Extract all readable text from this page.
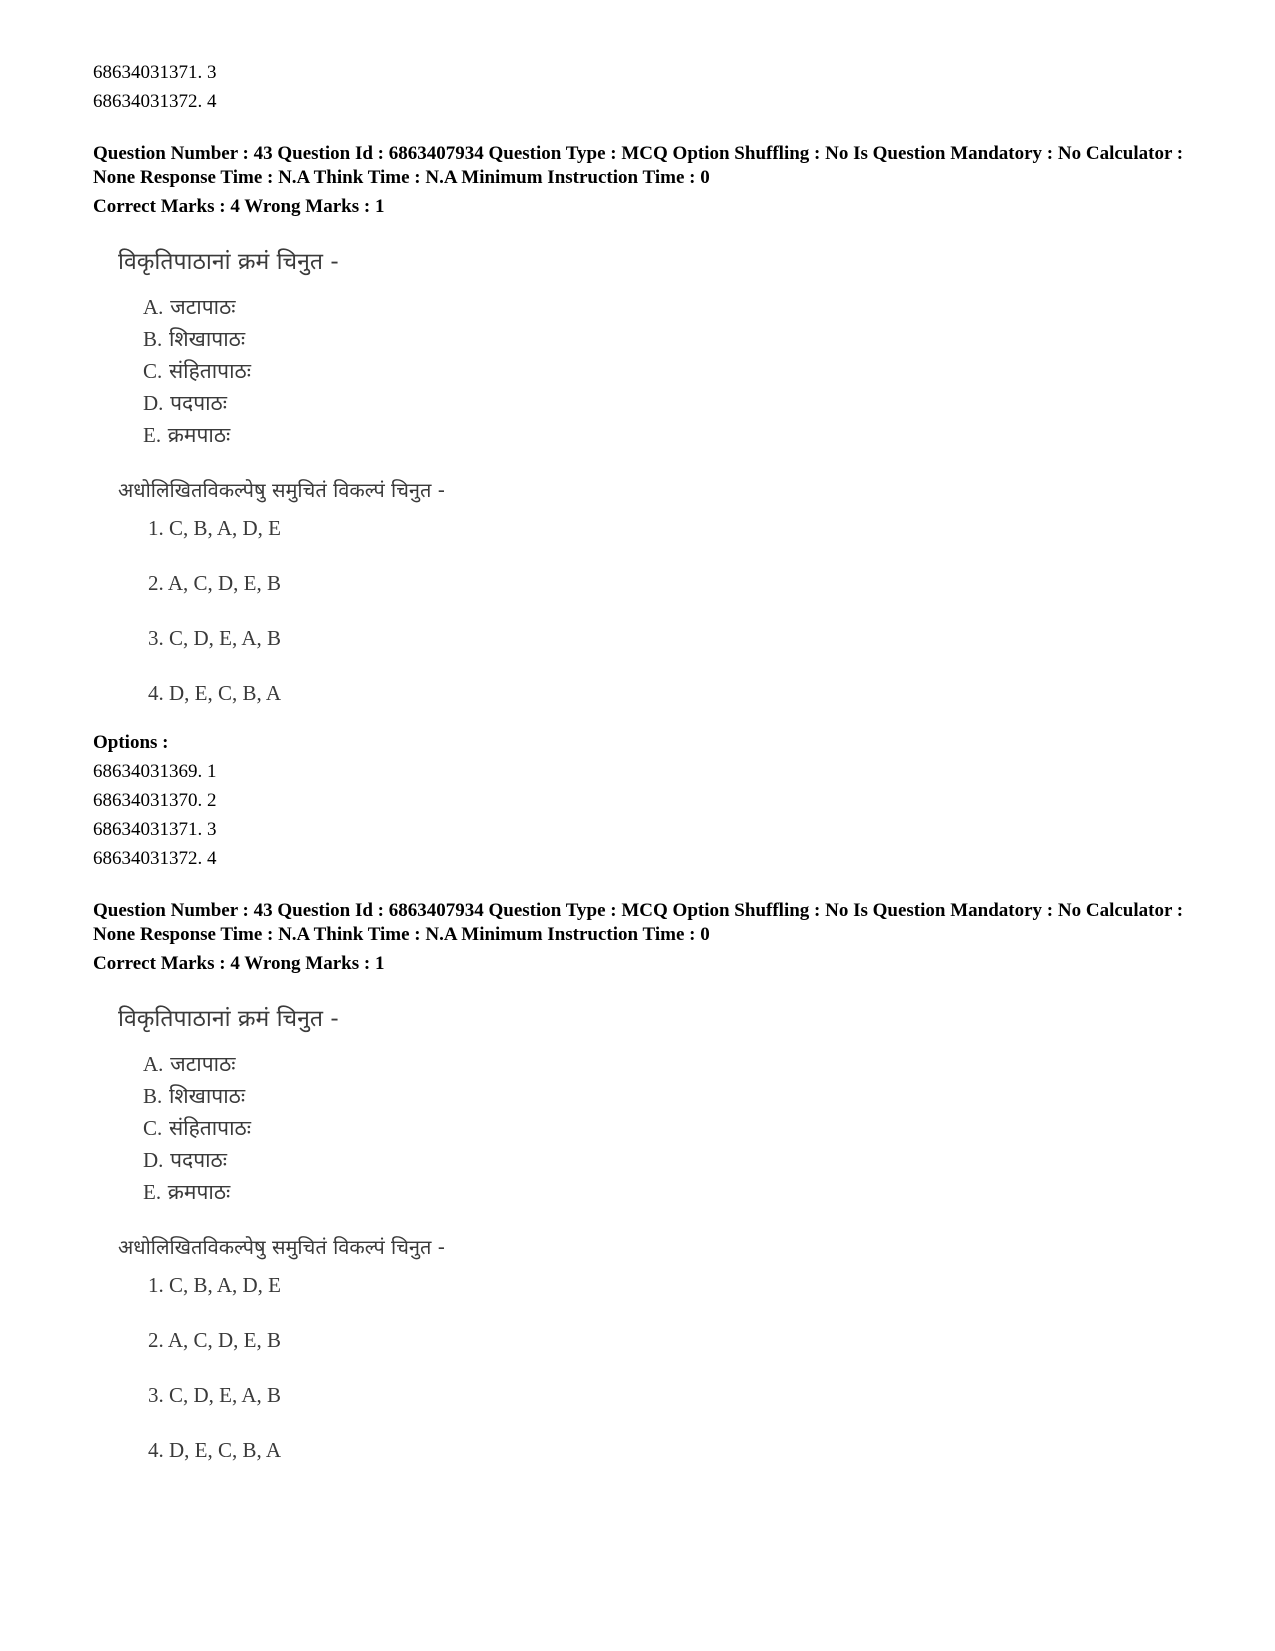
68634031371. 3

68634031372. 4

Question Number : 43 Question Id : 6863407934 Question Type : MCQ Option Shuffling : No Is Question Mandatory : No Calculator : None Response Time : N.A Think Time : N.A Minimum Instruction Time : 0

Correct Marks : 4 Wrong Marks : 1

विकृतिपाठानां क्रमं चिनुत -
A. जटापाठः
B. शिखापाठः
C. संहितापाठः
D. पदपाठः
E. क्रमपाठः
अधोलिखितविकल्पेषु समुचितं विकल्पं चिनुत -
1. C, B, A, D, E
2. A, C, D, E, B
3. C, D, E, A, B
4. D, E, C, B, A
Options :

68634031369. 1

68634031370. 2

68634031371. 3

68634031372. 4

Question Number : 43 Question Id : 6863407934 Question Type : MCQ Option Shuffling : No Is Question Mandatory : No Calculator : None Response Time : N.A Think Time : N.A Minimum Instruction Time : 0

Correct Marks : 4 Wrong Marks : 1

विकृतिपाठानां क्रमं चिनुत -
A. जटापाठः
B. शिखापाठः
C. संहितापाठः
D. पदपाठः
E. क्रमपाठः
अधोलिखितविकल्पेषु समुचितं विकल्पं चिनुत -
1. C, B, A, D, E
2. A, C, D, E, B
3. C, D, E, A, B
4. D, E, C, B, A
